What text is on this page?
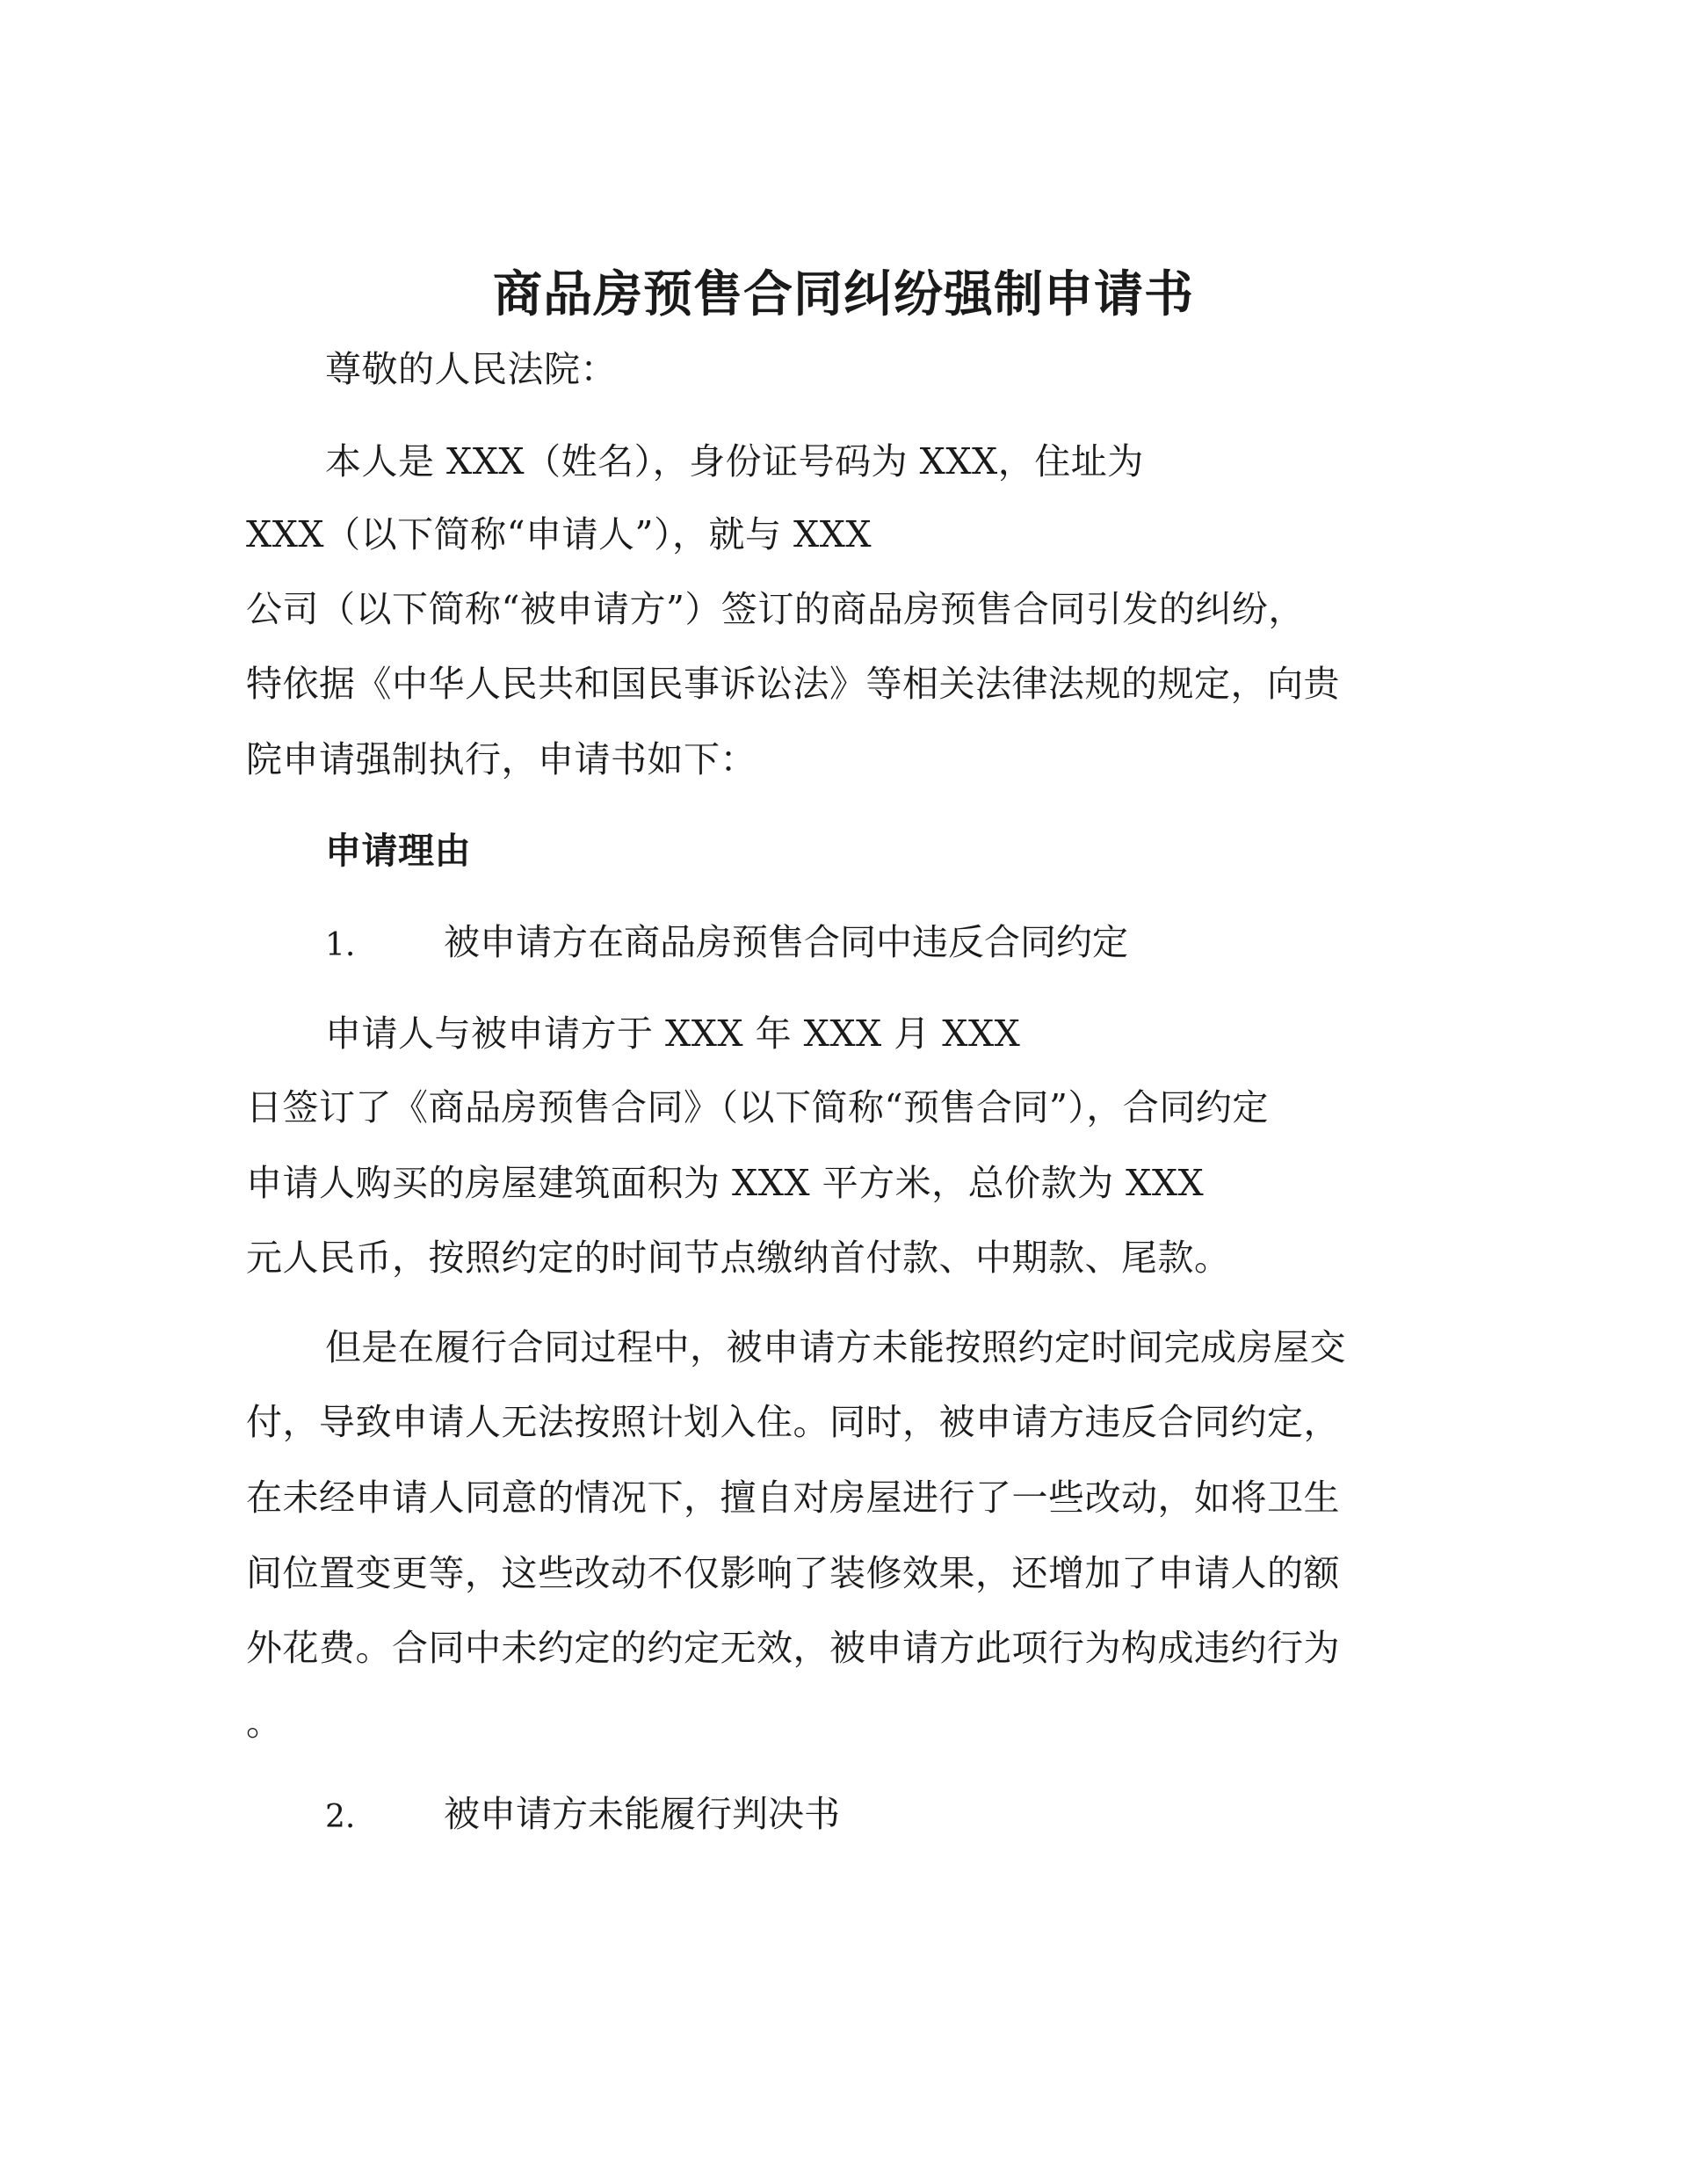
商品房预售合同纠纷强制申请书
尊敬的人民法院：
本人是 XXX（姓名），身份证号码为 XXX，住址为
XXX（以下简称“申请人”），就与 XXX
公司（以下简称“被申请方”）签订的商品房预售合同引发的纠纷，
特依据《中华人民共和国民事诉讼法》等相关法律法规的规定，向贵
院申请强制执行，申请书如下：
申请理由
1. 被申请方在商品房预售合同中违反合同约定
申请人与被申请方于 XXX 年 XXX 月 XXX
日签订了《商品房预售合同》（以下简称“预售合同”），合同约定
申请人购买的房屋建筑面积为 XXX 平方米，总价款为 XXX
元人民币，按照约定的时间节点缴纳首付款、中期款、尾款。
但是在履行合同过程中，被申请方未能按照约定时间完成房屋交
付，导致申请人无法按照计划入住。同时，被申请方违反合同约定，
在未经申请人同意的情况下，擅自对房屋进行了一些改动，如将卫生
间位置变更等，这些改动不仅影响了装修效果，还增加了申请人的额
外花费。合同中未约定的约定无效，被申请方此项行为构成违约行为
。
2. 被申请方未能履行判决书
